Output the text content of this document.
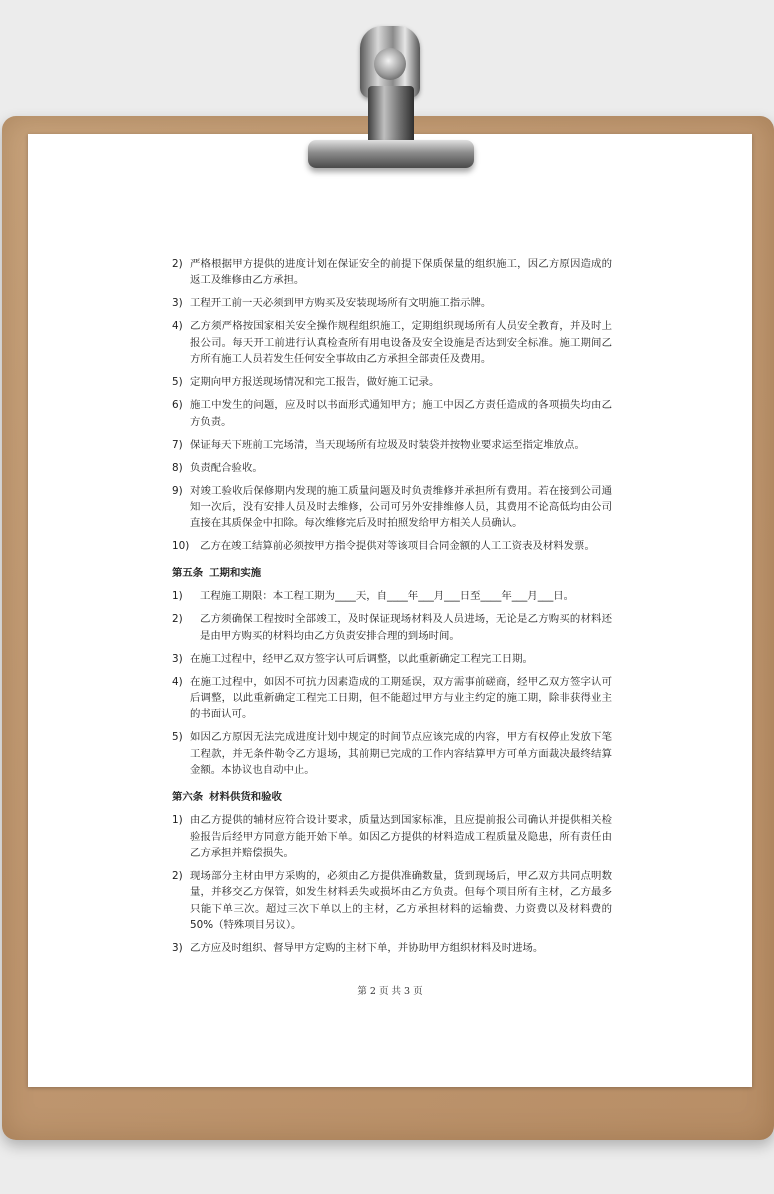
2) 严格根据甲方提供的进度计划在保证安全的前提下保质保量的组织施工，因乙方原因造成的返工及维修由乙方承担。
3) 工程开工前一天必须到甲方购买及安装现场所有文明施工指示牌。
4) 乙方须严格按国家相关安全操作规程组织施工，定期组织现场所有人员安全教育，并及时上报公司。每天开工前进行认真检查所有用电设备及安全设施是否达到安全标准。施工期间乙方所有施工人员若发生任何安全事故由乙方承担全部责任及费用。
5) 定期向甲方报送现场情况和完工报告，做好施工记录。
6) 施工中发生的问题，应及时以书面形式通知甲方；施工中因乙方责任造成的各项损失均由乙方负责。
7) 保证每天下班前工完场清，当天现场所有垃圾及时装袋并按物业要求运至指定堆放点。
8) 负责配合验收。
9) 对竣工验收后保修期内发现的施工质量问题及时负责维修并承担所有费用。若在接到公司通知一次后，没有安排人员及时去维修，公司可另外安排维修人员，其费用不论高低均由公司直接在其质保金中扣除。每次维修完后及时拍照发给甲方相关人员确认。
10)	乙方在竣工结算前必须按甲方指令提供对等该项目合同金额的人工工资表及材料发票。
第五条 工期和实施
1)	工程施工期限：本工程工期为____天，自____年___月___日至____年___月___日。
2)	乙方须确保工程按时全部竣工，及时保证现场材料及人员进场，无论是乙方购买的材料还是由甲方购买的材料均由乙方负责安排合理的到场时间。
3) 在施工过程中，经甲乙双方签字认可后调整，以此重新确定工程完工日期。
4) 在施工过程中，如因不可抗力因素造成的工期延误，双方需事前磋商，经甲乙双方签字认可后调整，以此重新确定工程完工日期，但不能超过甲方与业主约定的施工期，除非获得业主的书面认可。
5) 如因乙方原因无法完成进度计划中规定的时间节点应该完成的内容，甲方有权停止发放下笔工程款，并无条件勒令乙方退场，其前期已完成的工作内容结算甲方可单方面裁决最终结算金额。本协议也自动中止。
第六条 材料供货和验收
1) 由乙方提供的辅材应符合设计要求，质量达到国家标准，且应提前报公司确认并提供相关检验报告后经甲方同意方能开始下单。如因乙方提供的材料造成工程质量及隐患，所有责任由乙方承担并赔偿损失。
2) 现场部分主材由甲方采购的，必须由乙方提供准确数量，货到现场后，甲乙双方共同点明数量，并移交乙方保管，如发生材料丢失或损坏由乙方负责。但每个项目所有主材，乙方最多只能下单三次。超过三次下单以上的主材，乙方承担材料的运输费、力资费以及材料费的 50%（特殊项目另议）。
3) 乙方应及时组织、督导甲方定购的主材下单，并协助甲方组织材料及时进场。
第 2 页 共 3 页
